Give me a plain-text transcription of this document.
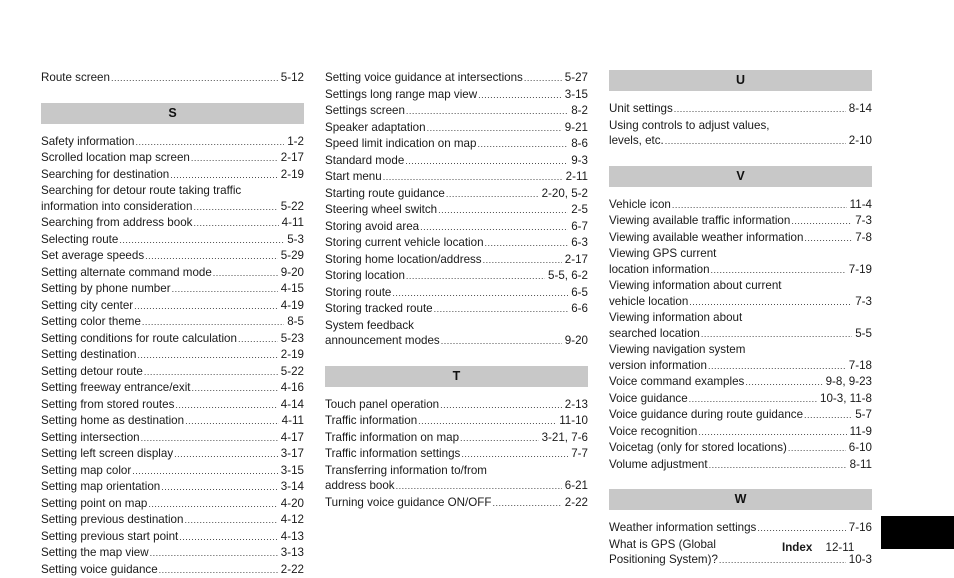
Route screen .....	5-12
S
Safety information .....	1-2
Scrolled location map screen .....	2-17
Searching for destination .....	2-19
Searching for detour route taking traffic
information into consideration .....	5-22
Searching from address book .....	4-11
Selecting route .....	5-3
Set average speeds .....	5-29
Setting alternate command mode .....	9-20
Setting by phone number .....	4-15
Setting city center .....	4-19
Setting color theme .....	8-5
Setting conditions for route calculation .....	5-23
Setting destination .....	2-19
Setting detour route .....	5-22
Setting freeway entrance/exit .....	4-16
Setting from stored routes .....	4-14
Setting home as destination .....	4-11
Setting intersection .....	4-17
Setting left screen display .....	3-17
Setting map color .....	3-15
Setting map orientation .....	3-14
Setting point on map .....	4-20
Setting previous destination .....	4-12
Setting previous start point .....	4-13
Setting the map view .....	3-13
Setting voice guidance .....	2-22
Setting voice guidance at intersections .....	5-27
Settings long range map view .....	3-15
Settings screen .....	8-2
Speaker adaptation .....	9-21
Speed limit indication on map .....	8-6
Standard mode .....	9-3
Start menu .....	2-11
Starting route guidance .....	2-20, 5-2
Steering wheel switch .....	2-5
Storing avoid area .....	6-7
Storing current vehicle location .....	6-3
Storing home location/address .....	2-17
Storing location .....	5-5, 6-2
Storing route .....	6-5
Storing tracked route .....	6-6
System feedback
announcement modes .....	9-20
T
Touch panel operation .....	2-13
Traffic information .....	11-10
Traffic information on map .....	3-21, 7-6
Traffic information settings .....	7-7
Transferring information to/from
address book .....	6-21
Turning voice guidance ON/OFF .....	2-22
U
Unit settings .....	8-14
Using controls to adjust values,
levels, etc. .....	2-10
V
Vehicle icon .....	11-4
Viewing available traffic information .....	7-3
Viewing available weather information .....	7-8
Viewing GPS current
location information .....	7-19
Viewing information about current
vehicle location .....	7-3
Viewing information about
searched location .....	5-5
Viewing navigation system
version information .....	7-18
Voice command examples .....	9-8, 9-23
Voice guidance .....	10-3, 11-8
Voice guidance during route guidance .....	5-7
Voice recognition .....	11-9
Voicetag (only for stored locations) .....	6-10
Volume adjustment .....	8-11
W
Weather information settings .....	7-16
What is GPS (Global
Positioning System)? .....	10-3
Index 12-11
